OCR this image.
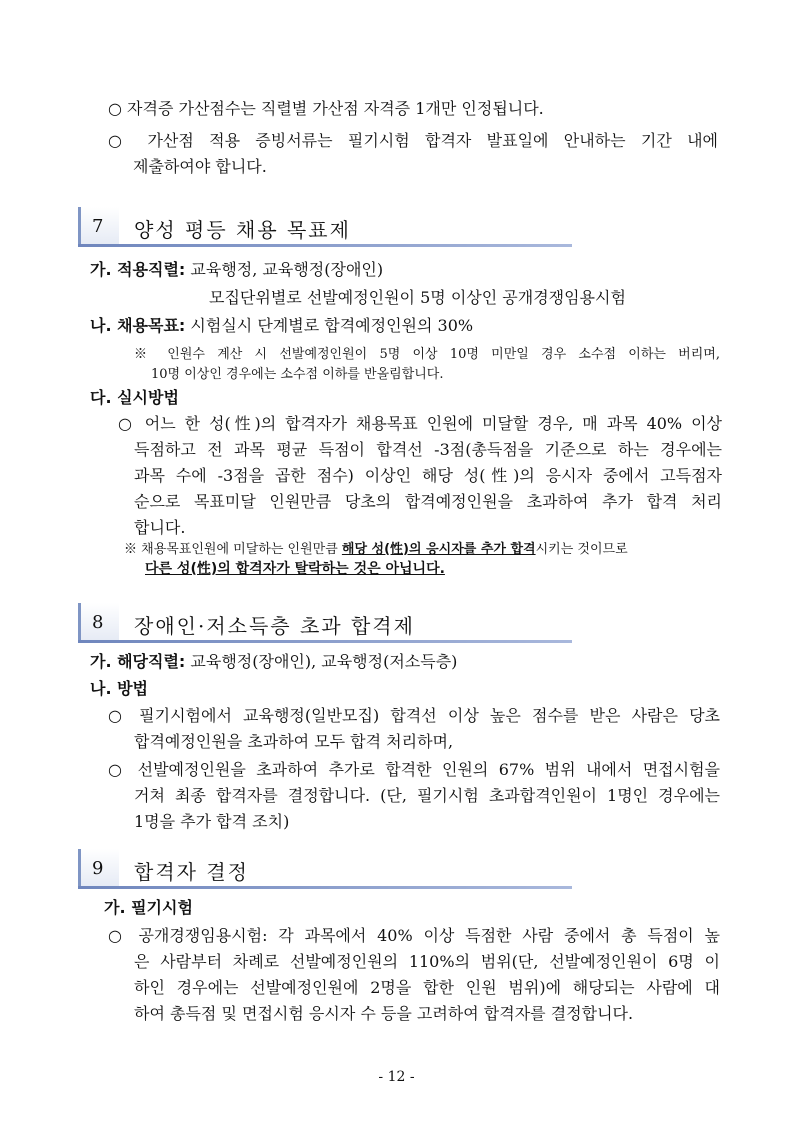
○ 자격증 가산점수는 직렬별 가산점 자격증 1개만 인정됩니다.
○ 가산점 적용 증빙서류는 필기시험 합격자 발표일에 안내하는 기간 내에
제출하여야 합니다.
7 양성 평등 채용 목표제
가. 적용직렬: 교육행정, 교육행정(장애인)
모집단위별로 선발예정인원이 5명 이상인 공개경쟁임용시험
나. 채용목표: 시험실시 단계별로 합격예정인원의 30%
※ 인원수 계산 시 선발예정인원이 5명 이상 10명 미만일 경우 소수점 이하는 버리며,
10명 이상인 경우에는 소수점 이하를 반올림합니다.
다. 실시방법
○ 어느 한 성(性)의 합격자가 채용목표 인원에 미달할 경우, 매 과목 40% 이상
득점하고 전 과목 평균 득점이 합격선 -3점(총득점을 기준으로 하는 경우에는
과목 수에 -3점을 곱한 점수) 이상인 해당 성(性)의 응시자 중에서 고득점자
순으로 목표미달 인원만큼 당초의 합격예정인원을 초과하여 추가 합격 처리
합니다.
※ 채용목표인원에 미달하는 인원만큼 해당 성(性)의 응시자를 추가 합격시키는 것이므로
다른 성(性)의 합격자가 탈락하는 것은 아닙니다.
8 장애인·저소득층 초과 합격제
가. 해당직렬: 교육행정(장애인), 교육행정(저소득층)
나. 방법
○ 필기시험에서 교육행정(일반모집) 합격선 이상 높은 점수를 받은 사람은 당초
합격예정인원을 초과하여 모두 합격 처리하며,
○ 선발예정인원을 초과하여 추가로 합격한 인원의 67% 범위 내에서 면접시험을
거쳐 최종 합격자를 결정합니다. (단, 필기시험 초과합격인원이 1명인 경우에는
1명을 추가 합격 조치)
9 합격자 결정
가. 필기시험
○ 공개경쟁임용시험: 각 과목에서 40% 이상 득점한 사람 중에서 총 득점이 높
은 사람부터 차례로 선발예정인원의 110%의 범위(단, 선발예정인원이 6명 이
하인 경우에는 선발예정인원에 2명을 합한 인원 범위)에 해당되는 사람에 대
하여 총득점 및 면접시험 응시자 수 등을 고려하여 합격자를 결정합니다.
- 12 -
